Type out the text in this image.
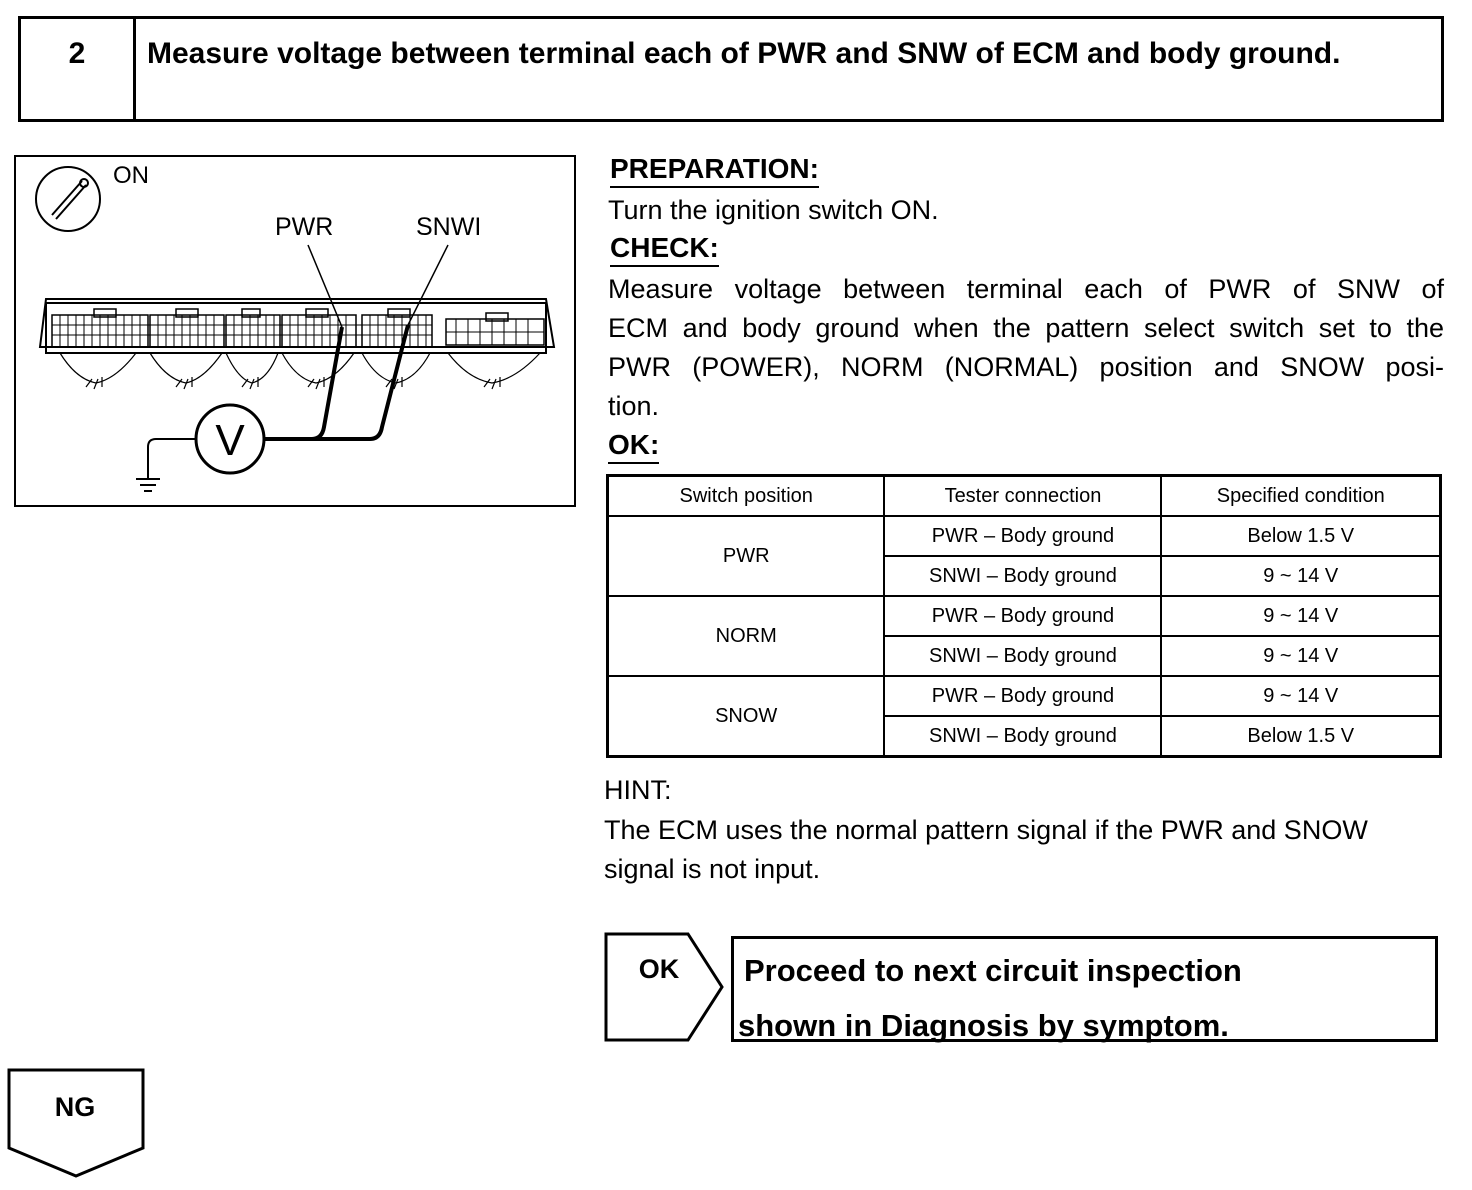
2	Measure voltage between terminal each of PWR and SNW of ECM and body ground.
ON
PWR	SNWI
V
PREPARATION:
Turn the ignition switch ON.
CHECK:
Measure voltage between terminal each of PWR of SNW of
ECM and body ground when the pattern select switch set to the
PWR (POWER), NORM (NORMAL) position and SNOW posi-
tion.
OK:
Switch position	Tester connection	Specified condition
PWR	PWR – Body ground	Below 1.5 V
	SNWI – Body ground	9 ~ 14 V
NORM	PWR – Body ground	9 ~ 14 V
	SNWI – Body ground	9 ~ 14 V
SNOW	PWR – Body ground	9 ~ 14 V
	SNWI – Body ground	Below 1.5 V
HINT:
The ECM uses the normal pattern signal if the PWR and SNOW
signal is not input.
OK	Proceed to next circuit inspection
shown in Diagnosis by symptom.
NG
